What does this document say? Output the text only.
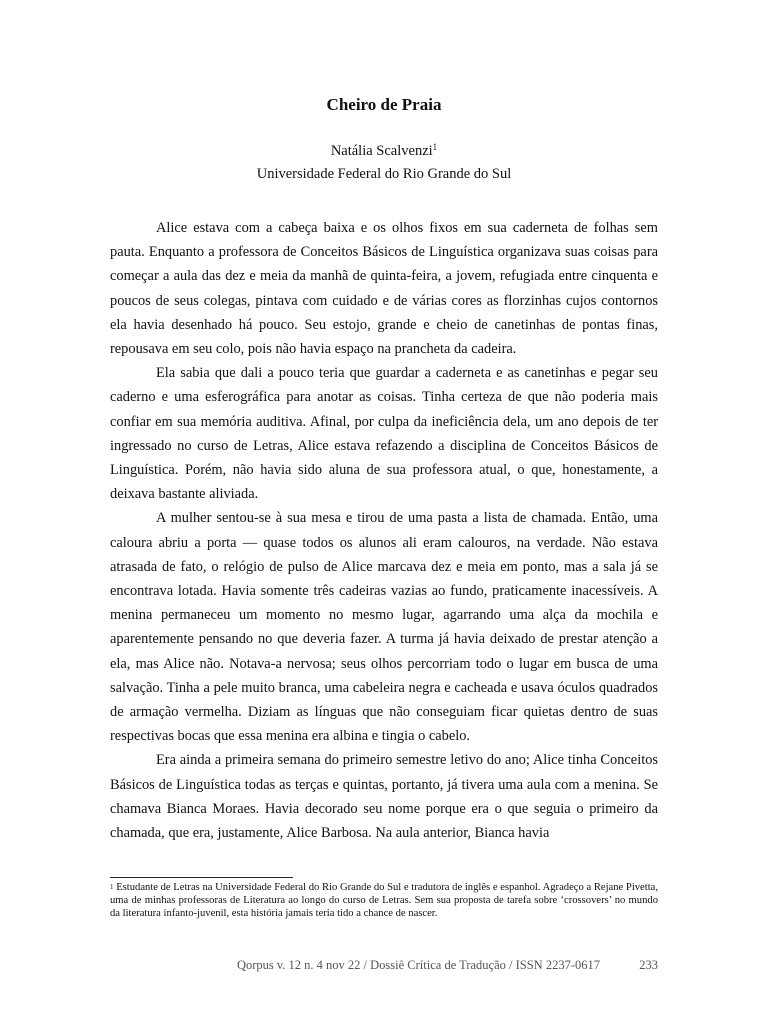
Cheiro de Praia
Natália Scalvenzi$^1$
Universidade Federal do Rio Grande do Sul

Alice estava com a cabeça baixa e os olhos fixos em sua caderneta de folhas sem pauta. Enquanto a professora de Conceitos Básicos de Linguística organizava suas coisas para começar a aula das dez e meia da manhã de quinta-feira, a jovem, refugiada entre cinquenta e poucos de seus colegas, pintava com cuidado e de várias cores as florzinhas cujos contornos ela havia desenhado há pouco. Seu estojo, grande e cheio de canetinhas de pontas finas, repousava em seu colo, pois não havia espaço na prancheta da cadeira.

Ela sabia que dali a pouco teria que guardar a caderneta e as canetinhas e pegar seu caderno e uma esferográfica para anotar as coisas. Tinha certeza de que não poderia mais confiar em sua memória auditiva. Afinal, por culpa da ineficiência dela, um ano depois de ter ingressado no curso de Letras, Alice estava refazendo a disciplina de Conceitos Básicos de Linguística. Porém, não havia sido aluna de sua professora atual, o que, honestamente, a deixava bastante aliviada.

A mulher sentou-se à sua mesa e tirou de uma pasta a lista de chamada. Então, uma caloura abriu a porta — quase todos os alunos ali eram calouros, na verdade. Não estava atrasada de fato, o relógio de pulso de Alice marcava dez e meia em ponto, mas a sala já se encontrava lotada. Havia somente três cadeiras vazias ao fundo, praticamente inacessíveis. A menina permaneceu um momento no mesmo lugar, agarrando uma alça da mochila e aparentemente pensando no que deveria fazer. A turma já havia deixado de prestar atenção a ela, mas Alice não. Notava-a nervosa; seus olhos percorriam todo o lugar em busca de uma salvação. Tinha a pele muito branca, uma cabeleira negra e cacheada e usava óculos quadrados de armação vermelha. Diziam as línguas que não conseguiam ficar quietas dentro de suas respectivas bocas que essa menina era albina e tingia o cabelo.

Era ainda a primeira semana do primeiro semestre letivo do ano; Alice tinha Conceitos Básicos de Linguística todas as terças e quintas, portanto, já tivera uma aula com a menina. Se chamava Bianca Moraes. Havia decorado seu nome porque era o que seguia o primeiro da chamada, que era, justamente, Alice Barbosa. Na aula anterior, Bianca havia

$^1$ Estudante de Letras na Universidade Federal do Rio Grande do Sul e tradutora de inglês e espanhol. Agradeço a Rejane Pivetta, uma de minhas professoras de Literatura ao longo do curso de Letras. Sem sua proposta de tarefa sobre ‘crossovers’ no mundo da literatura infanto-juvenil, esta história jamais teria tido a chance de nascer.
Qorpus v. 12 n. 4 nov 22 / Dossiê Crítica de Tradução / ISSN 2237-0617	233
